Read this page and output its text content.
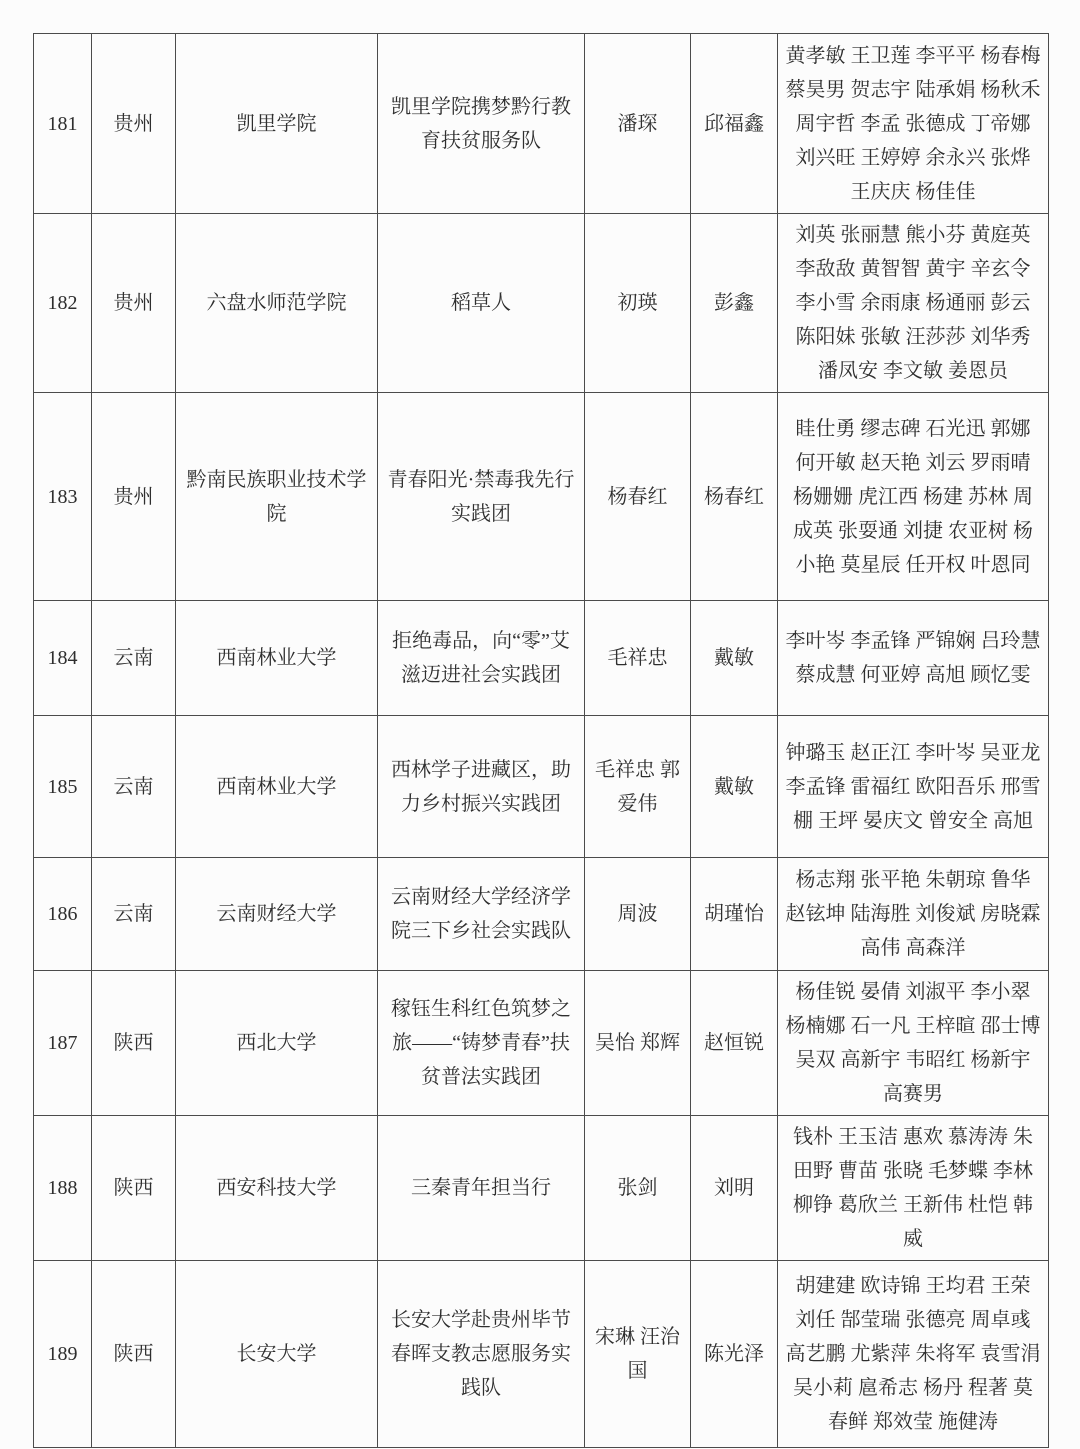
181	贵州	凯里学院	凯里学院携梦黔行教育扶贫服务队	潘琛	邱福鑫	黄孝敏 王卫莲 李平平 杨春梅 蔡昊男 贺志宇 陆承娟 杨秋禾 周宇哲 李孟 张德成 丁帝娜 刘兴旺 王婷婷 余永兴 张烨 王庆庆 杨佳佳
182	贵州	六盘水师范学院	稻草人	初瑛	彭鑫	刘英 张丽慧 熊小芬 黄庭英 李敌敌 黄智智 黄宇 辛玄令 李小雪 余雨康 杨通丽 彭云 陈阳妹 张敏 汪莎莎 刘华秀 潘凤安 李文敏 姜恩员
183	贵州	黔南民族职业技术学院	青春阳光·禁毒我先行实践团	杨春红	杨春红	眭仕勇 缪志碑 石光迅 郭娜 何开敏 赵天艳 刘云 罗雨晴 杨姗姗 虎江西 杨建 苏林 周成英 张耍通 刘捷 农亚树 杨小艳 莫星辰 任开权 叶恩同
184	云南	西南林业大学	拒绝毒品，向“零”艾滋迈进社会实践团	毛祥忠	戴敏	李叶岑 李孟锋 严锦娴 吕玲慧 蔡成慧 何亚婷 高旭 顾忆雯
185	云南	西南林业大学	西林学子进藏区，助力乡村振兴实践团	毛祥忠 郭爱伟	戴敏	钟璐玉 赵正江 李叶岑 吴亚龙 李孟锋 雷福红 欧阳吾乐 邢雪棚 王坪 晏庆文 曾安全 高旭
186	云南	云南财经大学	云南财经大学经济学院三下乡社会实践队	周波	胡瑾怡	杨志翔 张平艳 朱朝琼 鲁华 赵铉坤 陆海胜 刘俊斌 房晓霖 高伟 高森洋
187	陕西	西北大学	稼钰生科红色筑梦之旅——“铸梦青春”扶贫普法实践团	吴怡 郑辉	赵恒锐	杨佳锐 晏倩 刘淑平 李小翠 杨楠娜 石一凡 王梓暄 邵士博 吴双 高新宇 韦昭红 杨新宇 高赛男
188	陕西	西安科技大学	三秦青年担当行	张剑	刘明	钱朴 王玉洁 惠欢 慕涛涛 朱田野 曹苗 张晓 毛梦蝶 李林 柳铮 葛欣兰 王新伟 杜恺 韩威
189	陕西	长安大学	长安大学赴贵州毕节春晖支教志愿服务实践队	宋琳 汪治国	陈光泽	胡建建 欧诗锦 王均君 王荣 刘任 郜莹瑞 张德亮 周卓彧 高艺鹏 尤紫萍 朱将军 袁雪涓 吴小莉 扈希志 杨丹 程著 莫春鲜 郑效莹 施健涛
